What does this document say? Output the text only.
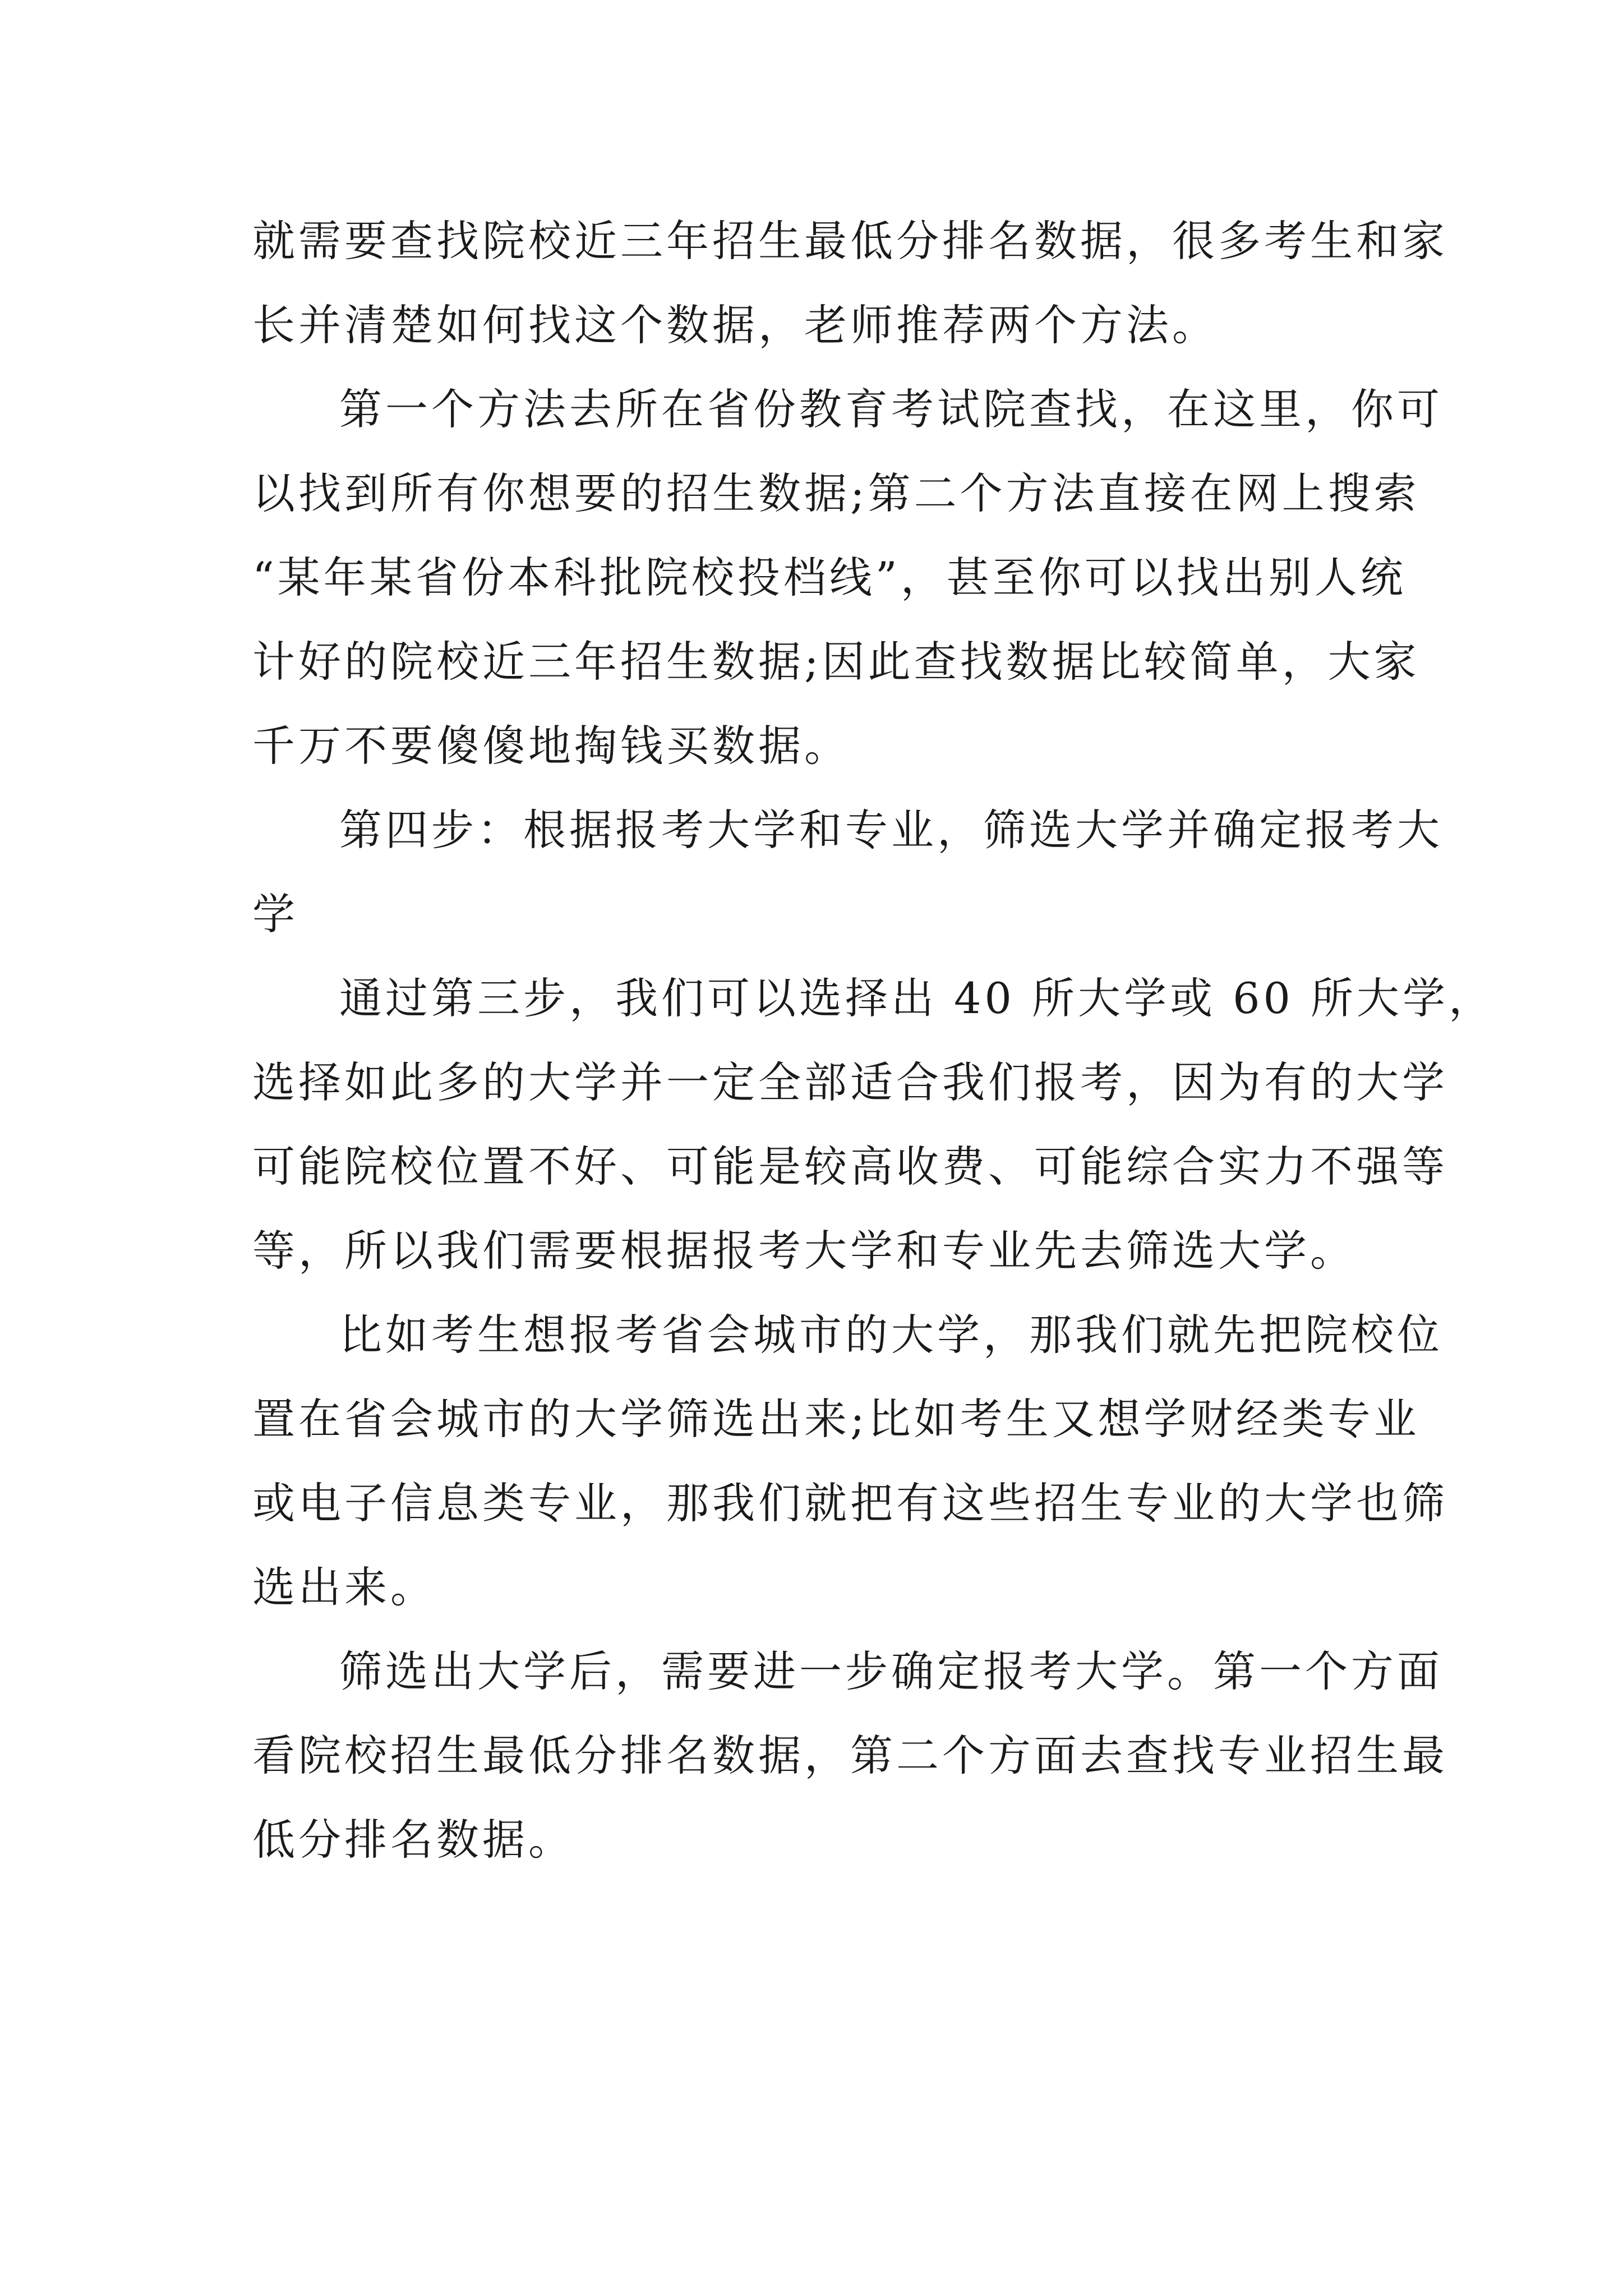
就需要查找院校近三年招生最低分排名数据，很多考生和家
长并清楚如何找这个数据，老师推荐两个方法。
第一个方法去所在省份教育考试院查找，在这里，你可
以找到所有你想要的招生数据;第二个方法直接在网上搜索
“某年某省份本科批院校投档线”，甚至你可以找出别人统
计好的院校近三年招生数据;因此查找数据比较简单，大家
千万不要傻傻地掏钱买数据。
第四步：根据报考大学和专业，筛选大学并确定报考大
学
通过第三步，我们可以选择出 40 所大学或 60 所大学，
选择如此多的大学并一定全部适合我们报考，因为有的大学
可能院校位置不好、可能是较高收费、可能综合实力不强等
等，所以我们需要根据报考大学和专业先去筛选大学。
比如考生想报考省会城市的大学，那我们就先把院校位
置在省会城市的大学筛选出来;比如考生又想学财经类专业
或电子信息类专业，那我们就把有这些招生专业的大学也筛
选出来。
筛选出大学后，需要进一步确定报考大学。第一个方面
看院校招生最低分排名数据，第二个方面去查找专业招生最
低分排名数据。
